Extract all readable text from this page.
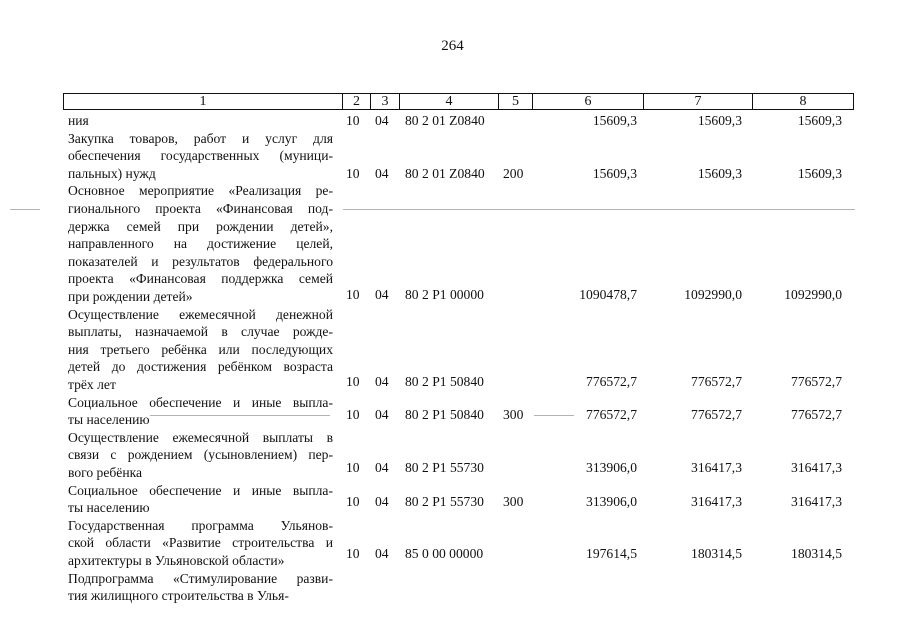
264
1	2	3	4	5	6	7	8
ния	10 04 80 2 01 Z0840	15609,3	15609,3	15609,3
Закупка товаров, работ и услуг для
обеспечения государственных (муници-
пальных) нужд	10 04 80 2 01 Z0840 200	15609,3	15609,3	15609,3
Основное мероприятие «Реализация ре-
гионального проекта «Финансовая под-
держка семей при рождении детей»,
направленного на достижение целей,
показателей и результатов федерального
проекта «Финансовая поддержка семей
при рождении детей»	10 04 80 2 P1 00000	1090478,7	1092990,0	1092990,0
Осуществление ежемесячной денежной
выплаты, назначаемой в случае рожде-
ния третьего ребёнка или последующих
детей до достижения ребёнком возраста
трёх лет	10 04 80 2 P1 50840	776572,7	776572,7	776572,7
Социальное обеспечение и иные выпла-
ты населению	10 04 80 2 P1 50840 300	776572,7	776572,7	776572,7
Осуществление ежемесячной выплаты в
связи с рождением (усыновлением) пер-
вого ребёнка	10 04 80 2 P1 55730	313906,0	316417,3	316417,3
Социальное обеспечение и иные выпла-
ты населению	10 04 80 2 P1 55730 300	313906,0	316417,3	316417,3
Государственная программа Ульянов-
ской области «Развитие строительства и
архитектуры в Ульяновской области»	10 04 85 0 00 00000	197614,5	180314,5	180314,5
Подпрограмма «Стимулирование разви-
тия жилищного строительства в Улья-
